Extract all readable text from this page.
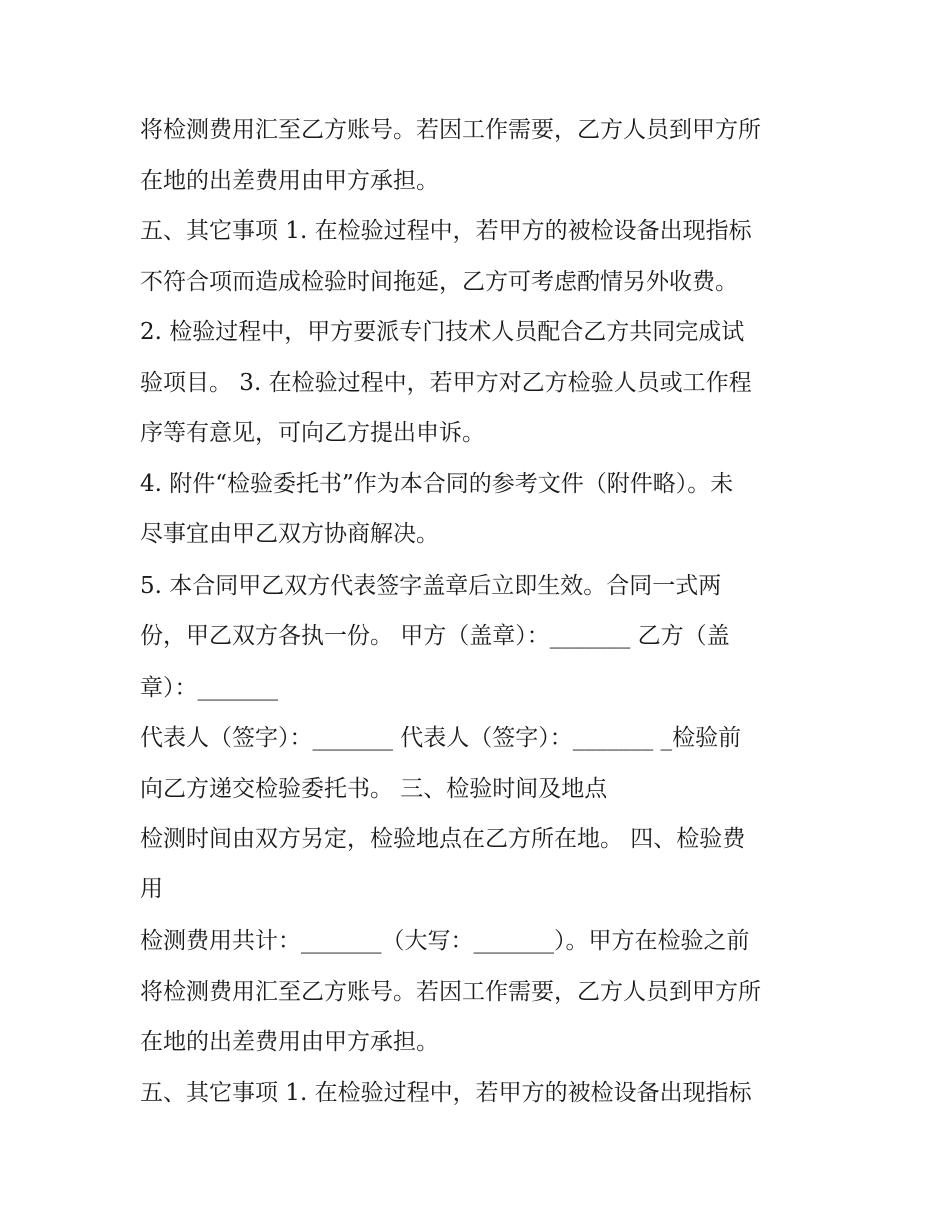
将检测费用汇至乙方账号。若因工作需要，乙方人员到甲方所
在地的出差费用由甲方承担。
五、其它事项 1. 在检验过程中，若甲方的被检设备出现指标
不符合项而造成检验时间拖延，乙方可考虑酌情另外收费。
2. 检验过程中，甲方要派专门技术人员配合乙方共同完成试
验项目。 3. 在检验过程中，若甲方对乙方检验人员或工作程
序等有意见，可向乙方提出申诉。
4. 附件“检验委托书”作为本合同的参考文件（附件略）。未
尽事宜由甲乙双方协商解决。
5. 本合同甲乙双方代表签字盖章后立即生效。合同一式两
份，甲乙双方各执一份。 甲方（盖章）：_______ 乙方（盖
章）：_______
代表人（签字）：_______ 代表人（签字）：_______ _检验前
向乙方递交检验委托书。 三、检验时间及地点
检测时间由双方另定，检验地点在乙方所在地。 四、检验费
用
检测费用共计：_______（大写：_______）。甲方在检验之前
将检测费用汇至乙方账号。若因工作需要，乙方人员到甲方所
在地的出差费用由甲方承担。
五、其它事项 1. 在检验过程中，若甲方的被检设备出现指标
